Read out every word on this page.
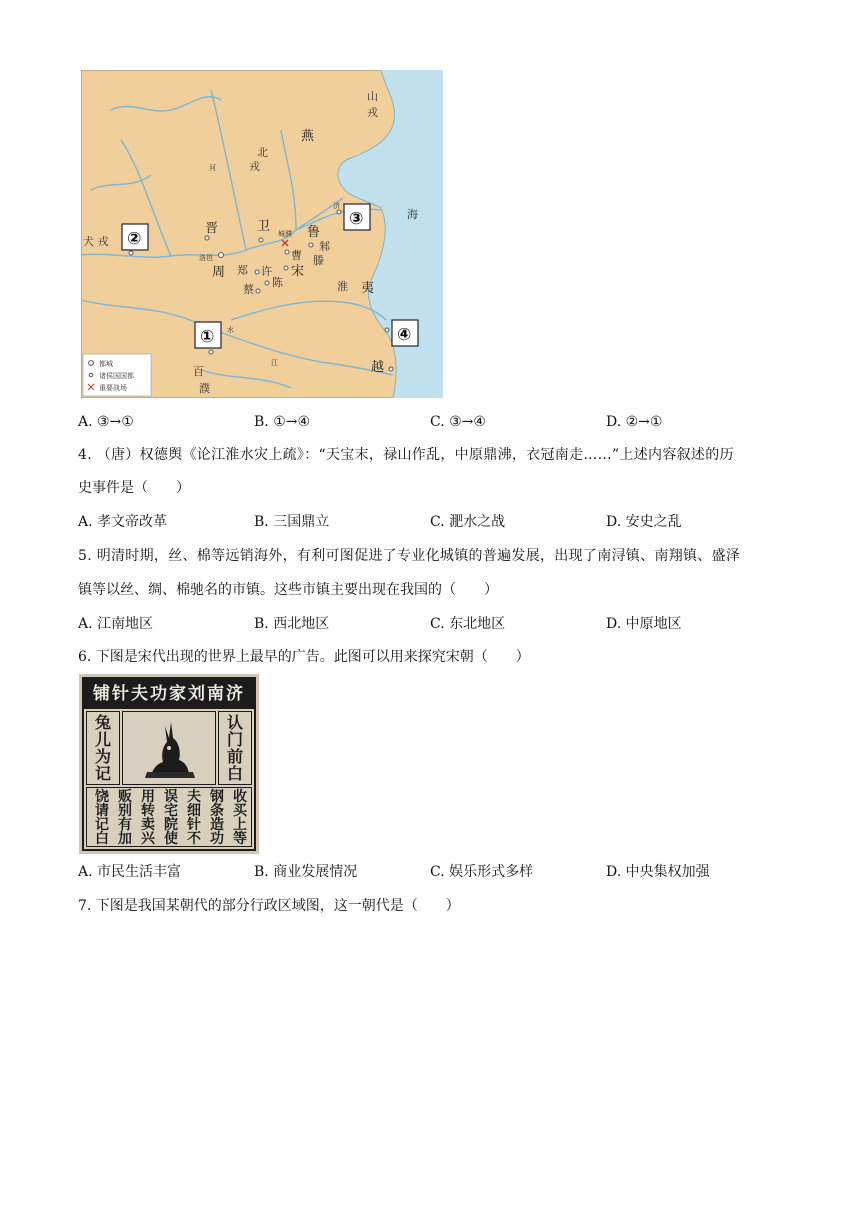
山
戎
燕
北
戎
晋	卫
犬 戎
鲁
邾
滕
城濮
曹
宋
洛邑
周 郑 许
陈
蔡	淮 夷
越
百
濮
海
河
济
江
水
①
②
③
④
都城
诸侯国国都
重要战场
A. ③→①	B. ①→④	C. ③→④	D. ②→①
4. （唐）权德舆《论江淮水灾上疏》：“天宝末，禄山作乱，中原鼎沸，衣冠南走……”上述内容叙述的历
史事件是（　　）
A. 孝文帝改革	B. 三国鼎立	C. 淝水之战	D. 安史之乱
5. 明清时期，丝、棉等远销海外，有利可图促进了专业化城镇的普遍发展，出现了南浔镇、南翔镇、盛泽
镇等以丝、绸、棉驰名的市镇。这些市镇主要出现在我国的（　　）
A. 江南地区	B. 西北地区	C. 东北地区	D. 中原地区
6. 下图是宋代出现的世界上最早的广告。此图可以用来探究宋朝（　　）
铺针夫功家刘南济
兔
儿
为
记
认
门
前
白
收
买
上
等
钢
条
造
功
夫
细
针
不
误
宅
院
使
用
转
卖
兴
贩
别
有
加
饶
请
记
白
A. 市民生活丰富	B. 商业发展情况	C. 娱乐形式多样	D. 中央集权加强
7. 下图是我国某朝代的部分行政区域图，这一朝代是（　　）
